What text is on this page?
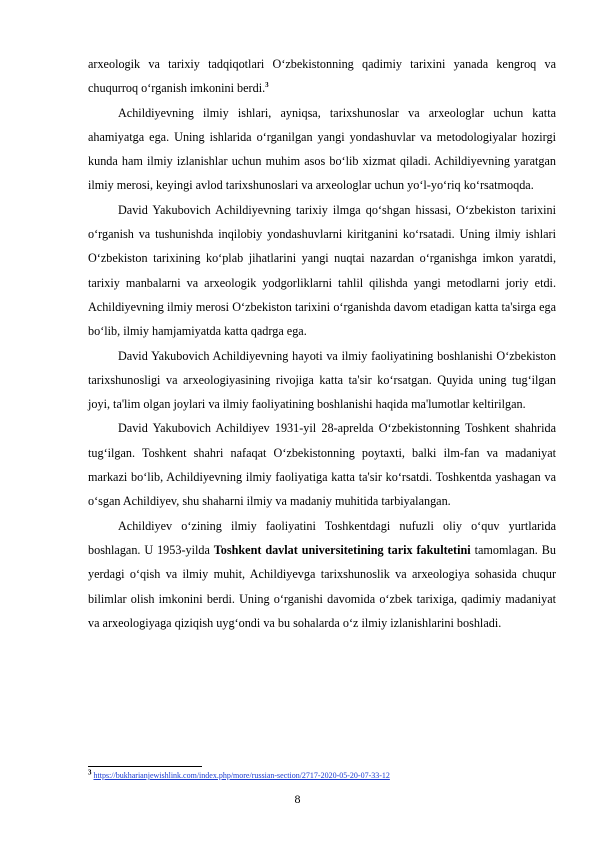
arxeologik va tarixiy tadqiqotlari O‘zbekistonning qadimiy tarixini yanada kengroq va chuqurroq o‘rganish imkonini berdi.$^3$

Achildiyevning ilmiy ishlari, ayniqsa, tarixshunoslar va arxeologlar uchun katta ahamiyatga ega. Uning ishlarida o‘rganilgan yangi yondashuvlar va metodologiyalar hozirgi kunda ham ilmiy izlanishlar uchun muhim asos bo‘lib xizmat qiladi. Achildiyevning yaratgan ilmiy merosi, keyingi avlod tarixshunoslari va arxeologlar uchun yo‘l-yo‘riq ko‘rsatmoqda.

David Yakubovich Achildiyevning tarixiy ilmga qo‘shgan hissasi, O‘zbekiston tarixini o‘rganish va tushunishda inqilobiy yondashuvlarni kiritganini ko‘rsatadi. Uning ilmiy ishlari O‘zbekiston tarixining ko‘plab jihatlarini yangi nuqtai nazardan o‘rganishga imkon yaratdi, tarixiy manbalarni va arxeologik yodgorliklarni tahlil qilishda yangi metodlarni joriy etdi. Achildiyevning ilmiy merosi O‘zbekiston tarixini o‘rganishda davom etadigan katta ta'sirga ega bo‘lib, ilmiy hamjamiyatda katta qadrga ega.

David Yakubovich Achildiyevning hayoti va ilmiy faoliyatining boshlanishi O‘zbekiston tarixshunosligi va arxeologiyasining rivojiga katta ta'sir ko‘rsatgan. Quyida uning tug‘ilgan joyi, ta'lim olgan joylari va ilmiy faoliyatining boshlanishi haqida ma'lumotlar keltirilgan.

David Yakubovich Achildiyev 1931-yil 28-aprelda O‘zbekistonning Toshkent shahrida tug‘ilgan. Toshkent shahri nafaqat O‘zbekistonning poytaxti, balki ilm-fan va madaniyat markazi bo‘lib, Achildiyevning ilmiy faoliyatiga katta ta'sir ko‘rsatdi. Toshkentda yashagan va o‘sgan Achildiyev, shu shaharni ilmiy va madaniy muhitida tarbiyalangan.

Achildiyev o‘zining ilmiy faoliyatini Toshkentdagi nufuzli oliy o‘quv yurtlarida boshlagan. U 1953-yilda Toshkent davlat universitetining tarix fakultetini tamomlagan. Bu yerdagi o‘qish va ilmiy muhit, Achildiyevga tarixshunoslik va arxeologiya sohasida chuqur bilimlar olish imkonini berdi. Uning o‘rganishi davomida o‘zbek tarixiga, qadimiy madaniyat va arxeologiyaga qiziqish uyg‘ondi va bu sohalarda o‘z ilmiy izlanishlarini boshladi.

3 https://bukharianjewishlink.com/index.php/more/russian-section/2717-2020-05-20-07-33-12
8
